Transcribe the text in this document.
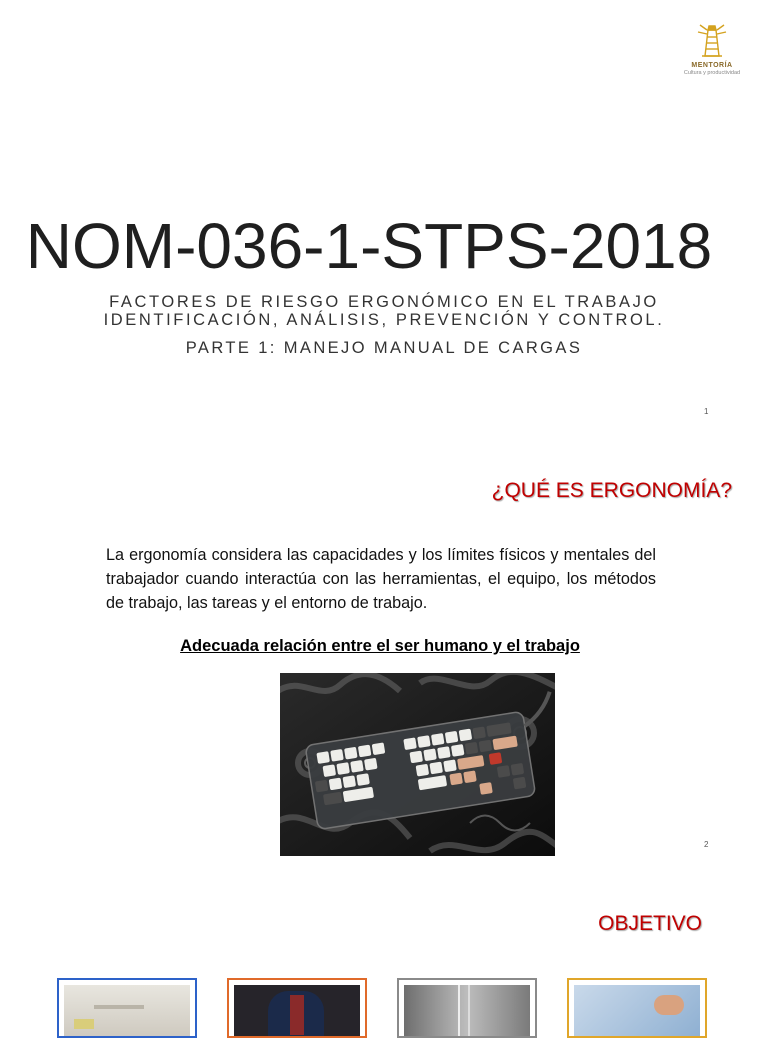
MENTORÍA
Cultura y productividad
NOM-036-1-STPS-2018
FACTORES DE RIESGO ERGONÓMICO EN EL TRABAJO
IDENTIFICACIÓN, ANÁLISIS, PREVENCIÓN Y CONTROL.
PARTE 1: MANEJO MANUAL DE CARGAS
1
¿QUÉ ES ERGONOMÍA?
La ergonomía considera las capacidades y los límites físicos y mentales del trabajador cuando interactúa con las herramientas, el equipo, los métodos de trabajo, las tareas y el entorno de trabajo.
Adecuada relación entre el ser humano y el trabajo
2
OBJETIVO
